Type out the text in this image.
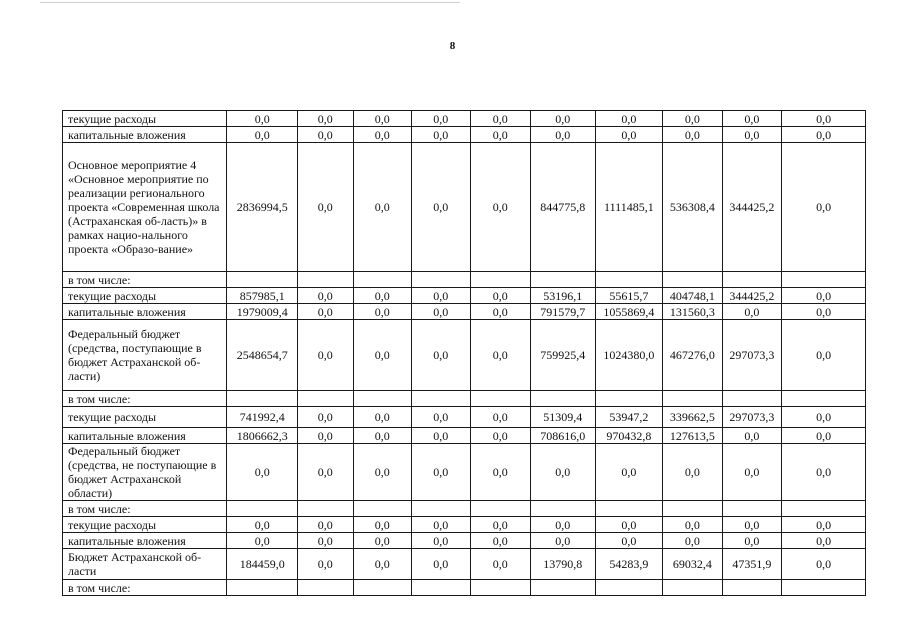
8
текущие расходы	0,0	0,0	0,0	0,0	0,0	0,0	0,0	0,0	0,0	0,0
капитальные вложения	0,0	0,0	0,0	0,0	0,0	0,0	0,0	0,0	0,0	0,0
Основное мероприятие 4 «Основное мероприятие по реализации регионального проекта «Современная школа (Астраханская об-ласть)» в рамках нацио-нального проекта «Образо-вание»	2836994,5	0,0	0,0	0,0	0,0	844775,8	1111485,1	536308,4	344425,2	0,0
в том числе:										
текущие расходы	857985,1	0,0	0,0	0,0	0,0	53196,1	55615,7	404748,1	344425,2	0,0
капитальные вложения	1979009,4	0,0	0,0	0,0	0,0	791579,7	1055869,4	131560,3	0,0	0,0
Федеральный бюджет (средства, поступающие в бюджет Астраханской об-ласти)	2548654,7	0,0	0,0	0,0	0,0	759925,4	1024380,0	467276,0	297073,3	0,0
в том числе:										
текущие расходы	741992,4	0,0	0,0	0,0	0,0	51309,4	53947,2	339662,5	297073,3	0,0
капитальные вложения	1806662,3	0,0	0,0	0,0	0,0	708616,0	970432,8	127613,5	0,0	0,0
Федеральный бюджет (средства, не поступающие в бюджет Астраханской области)	0,0	0,0	0,0	0,0	0,0	0,0	0,0	0,0	0,0	0,0
в том числе:										
текущие расходы	0,0	0,0	0,0	0,0	0,0	0,0	0,0	0,0	0,0	0,0
капитальные вложения	0,0	0,0	0,0	0,0	0,0	0,0	0,0	0,0	0,0	0,0
Бюджет Астраханской об-ласти	184459,0	0,0	0,0	0,0	0,0	13790,8	54283,9	69032,4	47351,9	0,0
в том числе:										
